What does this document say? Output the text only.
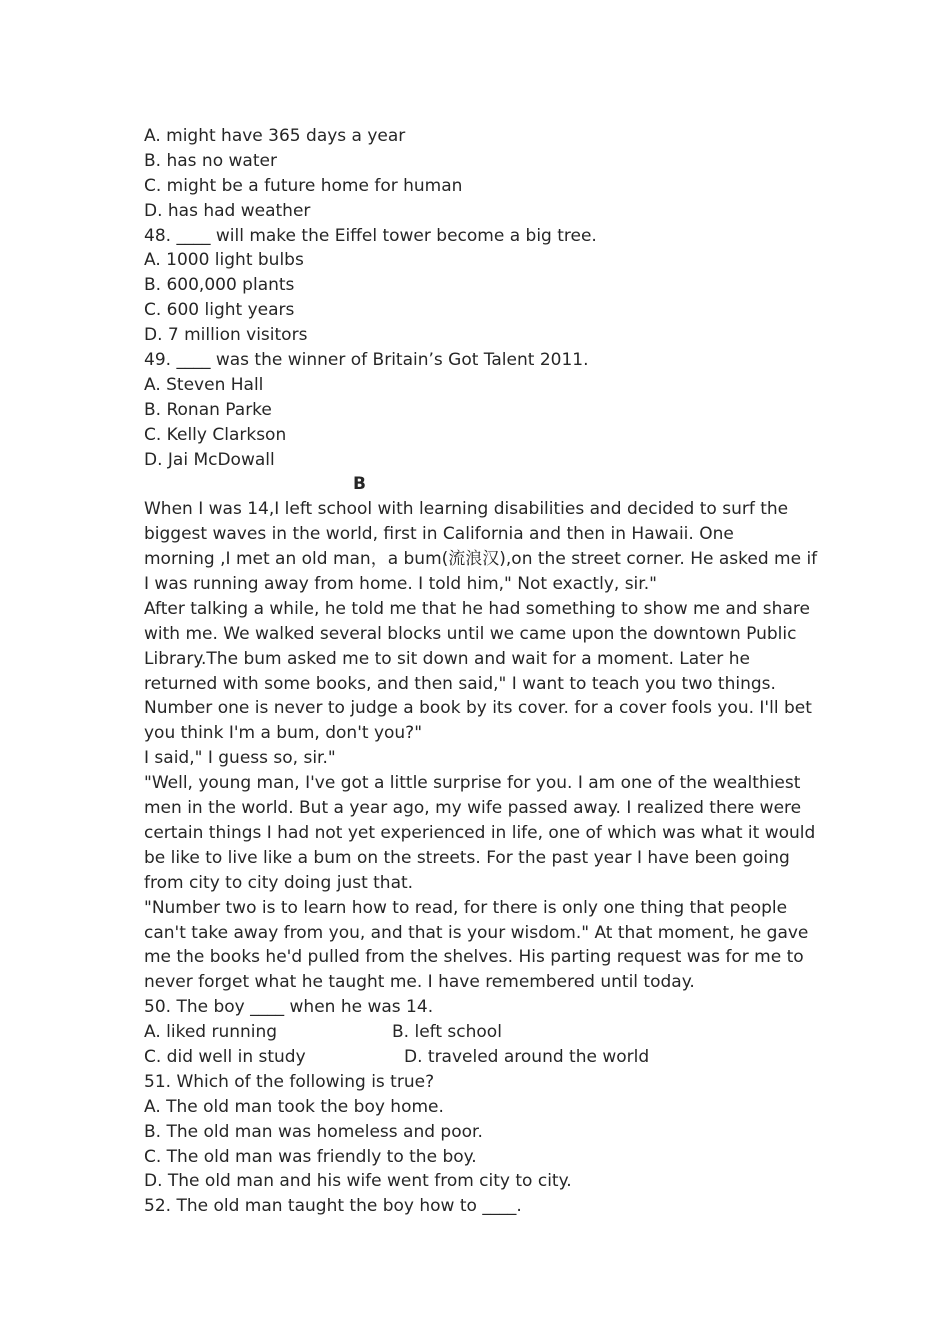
A. might have 365 days a year
B. has no water
C. might be a future home for human
D. has had weather
48. ____ will make the Eiffel tower become a big tree.
A. 1000 light bulbs
B. 600,000 plants
C. 600 light years
D. 7 million visitors
49. ____ was the winner of Britain’s Got Talent 2011.
A. Steven Hall
B. Ronan Parke
C. Kelly Clarkson
D. Jai McDowall
B
When I was 14,I left school with learning disabilities and decided to surf the
biggest waves in the world, first in California and then in Hawaii. One
morning ,I met an old man，a bum(流浪汉),on the street corner. He asked me if
I was running away from home. I told him," Not exactly, sir."
After talking a while, he told me that he had something to show me and share
with me. We walked several blocks until we came upon the downtown Public
Library.The bum asked me to sit down and wait for a moment. Later he
returned with some books, and then said," I want to teach you two things.
Number one is never to judge a book by its cover. for a cover fools you. I'll bet
you think I'm a bum, don't you?"
I said," I guess so, sir."
"Well, young man, I've got a little surprise for you. I am one of the wealthiest
men in the world. But a year ago, my wife passed away. I realized there were
certain things I had not yet experienced in life, one of which was what it would
be like to live like a bum on the streets. For the past year I have been going
from city to city doing just that.
"Number two is to learn how to read, for there is only one thing that people
can't take away from you, and that is your wisdom." At that moment, he gave
me the books he'd pulled from the shelves. His parting request was for me to
never forget what he taught me. I have remembered until today.
50. The boy ____ when he was 14.
A. liked running	B. left school
C. did well in study	D. traveled around the world
51. Which of the following is true?
A. The old man took the boy home.
B. The old man was homeless and poor.
C. The old man was friendly to the boy.
D. The old man and his wife went from city to city.
52. The old man taught the boy how to ____.
